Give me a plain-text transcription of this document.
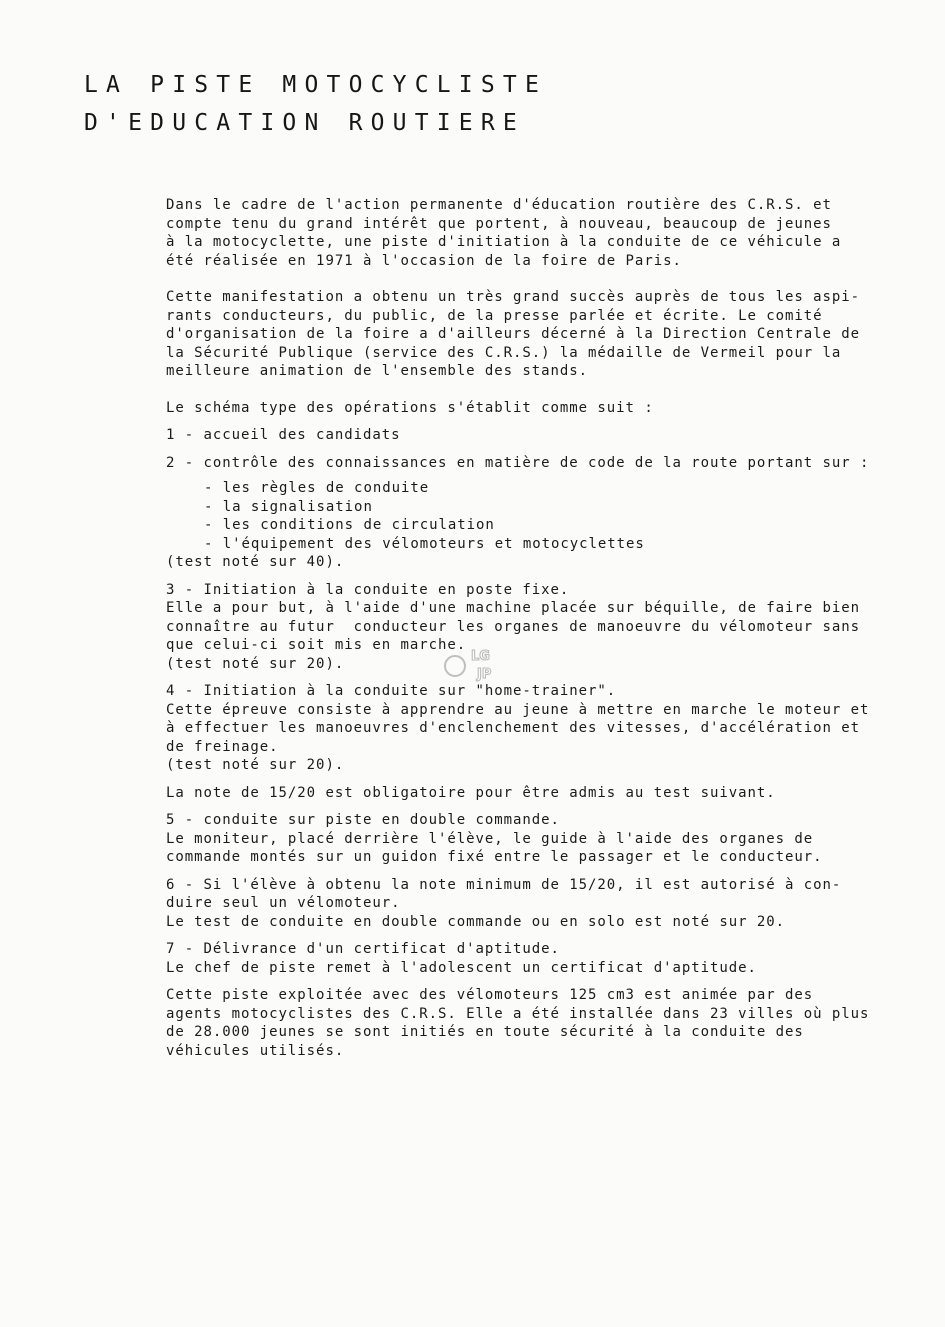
LA PISTE MOTOCYCLISTE
D'EDUCATION ROUTIERE

Dans le cadre de l'action permanente d'éducation routière des C.R.S. et

compte tenu du grand intérêt que portent, à nouveau, beaucoup de jeunes

à la motocyclette, une piste d'initiation à la conduite de ce véhicule a

été réalisée en 1971 à l'occasion de la foire de Paris.

Cette manifestation a obtenu un très grand succès auprès de tous les aspi-

rants conducteurs, du public, de la presse parlée et écrite. Le comité

d'organisation de la foire a d'ailleurs décerné à la Direction Centrale de

la Sécurité Publique (service des C.R.S.) la médaille de Vermeil pour la

meilleure animation de l'ensemble des stands.

Le schéma type des opérations s'établit comme suit :

1 - accueil des candidats

2 - contrôle des connaissances en matière de code de la route portant sur :

- les règles de conduite

- la signalisation

- les conditions de circulation

- l'équipement des vélomoteurs et motocyclettes

(test noté sur 40).

3 - Initiation à la conduite en poste fixe.

Elle a pour but, à l'aide d'une machine placée sur béquille, de faire bien

connaître au futur  conducteur les organes de manoeuvre du vélomoteur sans

que celui-ci soit mis en marche.

(test noté sur 20).

4 - Initiation à la conduite sur "home-trainer".

Cette épreuve consiste à apprendre au jeune à mettre en marche le moteur et

à effectuer les manoeuvres d'enclenchement des vitesses, d'accélération et

de freinage.

(test noté sur 20).

La note de 15/20 est obligatoire pour être admis au test suivant.

5 - conduite sur piste en double commande.

Le moniteur, placé derrière l'élève, le guide à l'aide des organes de

commande montés sur un guidon fixé entre le passager et le conducteur.

6 - Si l'élève à obtenu la note minimum de 15/20, il est autorisé à con-

duire seul un vélomoteur.

Le test de conduite en double commande ou en solo est noté sur 20.

7 - Délivrance d'un certificat d'aptitude.

Le chef de piste remet à l'adolescent un certificat d'aptitude.

Cette piste exploitée avec des vélomoteurs 125 cm3 est animée par des

agents motocyclistes des C.R.S. Elle a été installée dans 23 villes où plus

de 28.000 jeunes se sont initiés en toute sécurité à la conduite des

véhicules utilisés.

LG
JP
